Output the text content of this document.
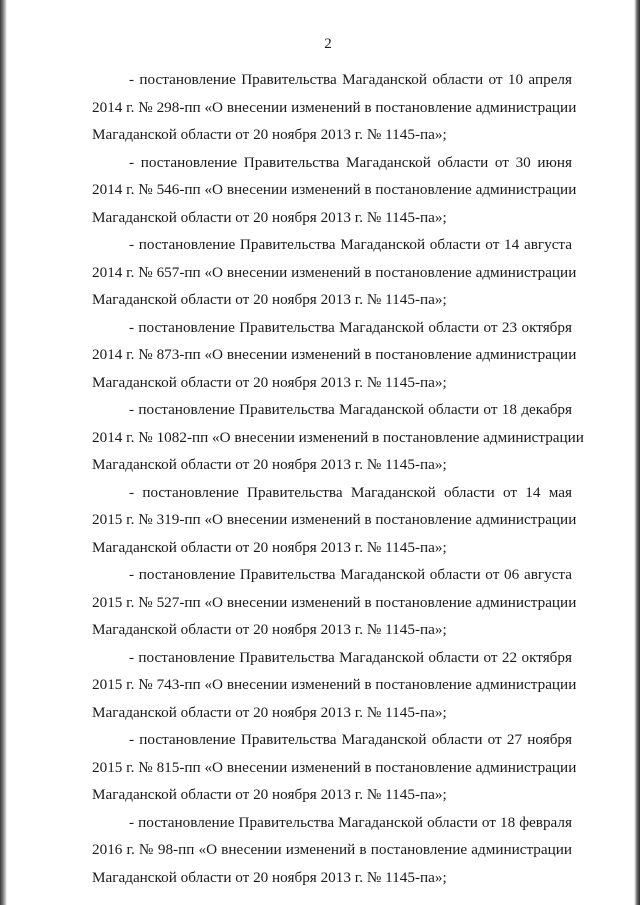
2
- постановление Правительства Магаданской области от 10 апреля
2014 г. № 298-пп «О внесении изменений в постановление администрации
Магаданской области от 20 ноября 2013 г. № 1145-па»;
- постановление Правительства Магаданской области от 30 июня
2014 г. № 546-пп «О внесении изменений в постановление администрации
Магаданской области от 20 ноября 2013 г. № 1145-па»;
- постановление Правительства Магаданской области от 14 августа
2014 г. № 657-пп «О внесении изменений в постановление администрации
Магаданской области от 20 ноября 2013 г. № 1145-па»;
- постановление Правительства Магаданской области от 23 октября
2014 г. № 873-пп «О внесении изменений в постановление администрации
Магаданской области от 20 ноября 2013 г. № 1145-па»;
- постановление Правительства Магаданской области от 18 декабря
2014 г. № 1082-пп «О внесении изменений в постановление администрации
Магаданской области от 20 ноября 2013 г. № 1145-па»;
- постановление Правительства Магаданской области от 14 мая
2015 г. № 319-пп «О внесении изменений в постановление администрации
Магаданской области от 20 ноября 2013 г. № 1145-па»;
- постановление Правительства Магаданской области от 06 августа
2015 г. № 527-пп «О внесении изменений в постановление администрации
Магаданской области от 20 ноября 2013 г. № 1145-па»;
- постановление Правительства Магаданской области от 22 октября
2015 г. № 743-пп «О внесении изменений в постановление администрации
Магаданской области от 20 ноября 2013 г. № 1145-па»;
- постановление Правительства Магаданской области от 27 ноября
2015 г. № 815-пп «О внесении изменений в постановление администрации
Магаданской области от 20 ноября 2013 г. № 1145-па»;
- постановление Правительства Магаданской области от 18 февраля
2016 г. № 98-пп «О внесении изменений в постановление администрации
Магаданской области от 20 ноября 2013 г. № 1145-па»;
